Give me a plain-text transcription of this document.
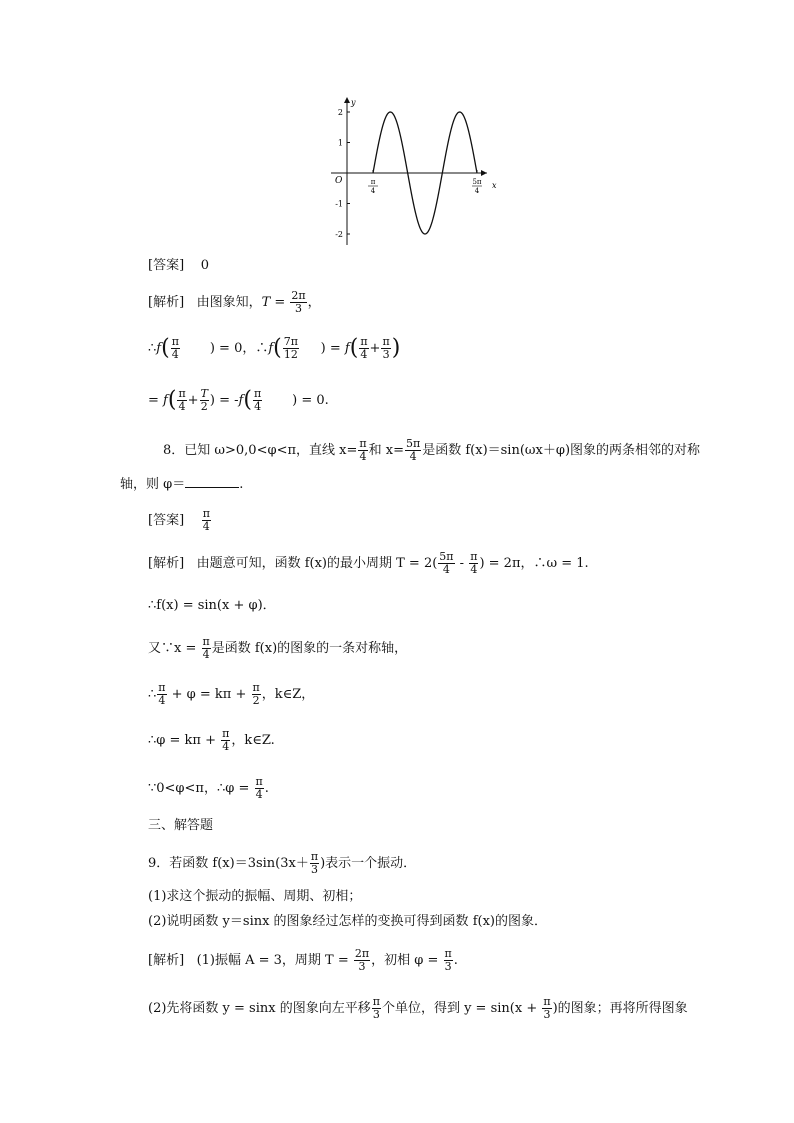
x
y
O
2
1
-1
-2
π
4
5π
4
[答案] 0
[解析] 由图象知，$T = \frac{2\pi}{3}$ ，
∴f( $\frac{\pi}{4}$ ) = 0，∴f( $\frac{7\pi}{12}$ ) = $f( \frac{\pi}{4} + \frac{\pi}{3}$ )
= $f( \frac{\pi}{4} + \frac{T}{2}$ ) = $-f( \frac{\pi}{4}$ ) = 0.
8．已知 ω>0,0<φ<π，直线 $x= \frac{\pi}{4}$ 和 $x= \frac{5\pi}{4}$ 是函数 f(x)＝sin(ωx＋φ)图象的两条相邻的对称
轴，则 φ＝	.
[答案] $\frac{\pi}{4}$
[解析] 由题意可知，函数 f(x)的最小周期 $T = 2( \frac{5\pi}{4} - \frac{\pi}{4}$ ) = 2π，∴ω = 1.
∴f(x) = sin(x + φ)．
又∵x = $\frac{\pi}{4}$ 是函数 f(x)的图象的一条对称轴，
∴ $\frac{\pi}{4} + \varphi = k\pi + \frac{\pi}{2}$ ，k∈Z，
∴φ = $k\pi + \frac{\pi}{4}$ ，k∈Z.
∵0<φ<π，∴φ = $\frac{\pi}{4}$ .
三、解答题
9．若函数 $f(x)=3\sin(3x+ \frac{\pi}{3}$ )表示一个振动．
(1)求这个振动的振幅、周期、初相；
(2)说明函数 y＝sinx 的图象经过怎样的变换可得到函数 f(x)的图象．
[解析] (1)振幅 A = 3，周期 $T = \frac{2\pi}{3}$ ，初相 $\varphi = \frac{\pi}{3}$ .
(2)先将函数 y = sinx 的图象向左平移 $\frac{\pi}{3}$ 个单位，得到 $y = \sin(x + \frac{\pi}{3}$ )的图象；再将所得图象
